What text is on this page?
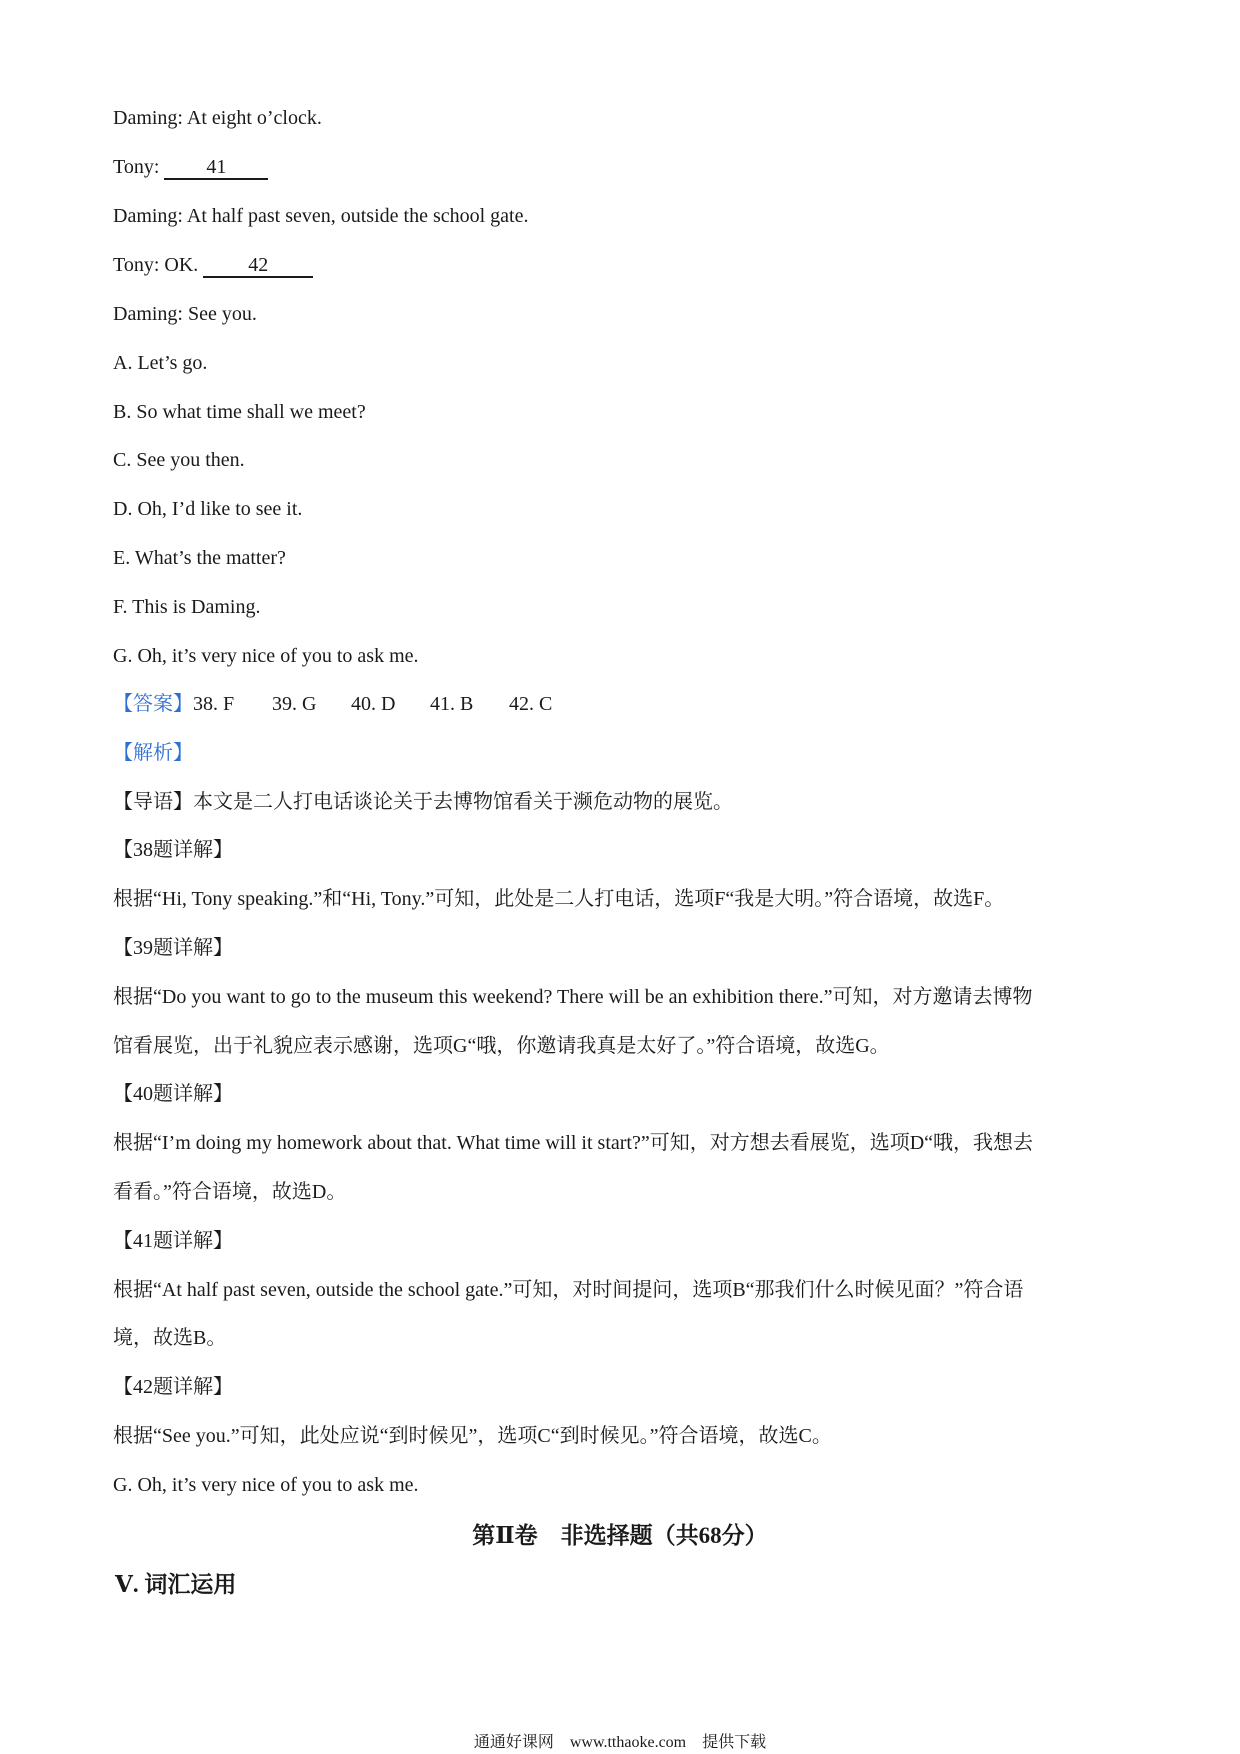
Daming: At eight o’clock.
Tony: 41
Daming: At half past seven, outside the school gate.
Tony: OK. 42
Daming: See you.
A. Let’s go.
B. So what time shall we meet?
C. See you then.
D. Oh, I’d like to see it.
E. What’s the matter?
F. This is Daming.
G. Oh, it’s very nice of you to ask me.
【答案】38. F 39. G 40. D 41. B 42. C
【解析】
【导语】本文是二人打电话谈论关于去博物馆看关于濒危动物的展览。
【38题详解】
根据“Hi, Tony speaking.”和“Hi, Tony.”可知，此处是二人打电话，选项F“我是大明。”符合语境，故选F。
【39题详解】
根据“Do you want to go to the museum this weekend? There will be an exhibition there.”可知，对方邀请去博物
馆看展览，出于礼貌应表示感谢，选项G“哦，你邀请我真是太好了。”符合语境，故选G。
【40题详解】
根据“I’m doing my homework about that. What time will it start?”可知，对方想去看展览，选项D“哦，我想去
看看。”符合语境，故选D。
【41题详解】
根据“At half past seven, outside the school gate.”可知，对时间提问，选项B“那我们什么时候见面？”符合语
境，故选B。
【42题详解】
根据“See you.”可知，此处应说“到时候见”，选项C“到时候见。”符合语境，故选C。
G. Oh, it’s very nice of you to ask me.
第Ⅱ卷　非选择题（共68分）
Ⅴ. 词汇运用
通通好课网　www.tthaoke.com　提供下载
